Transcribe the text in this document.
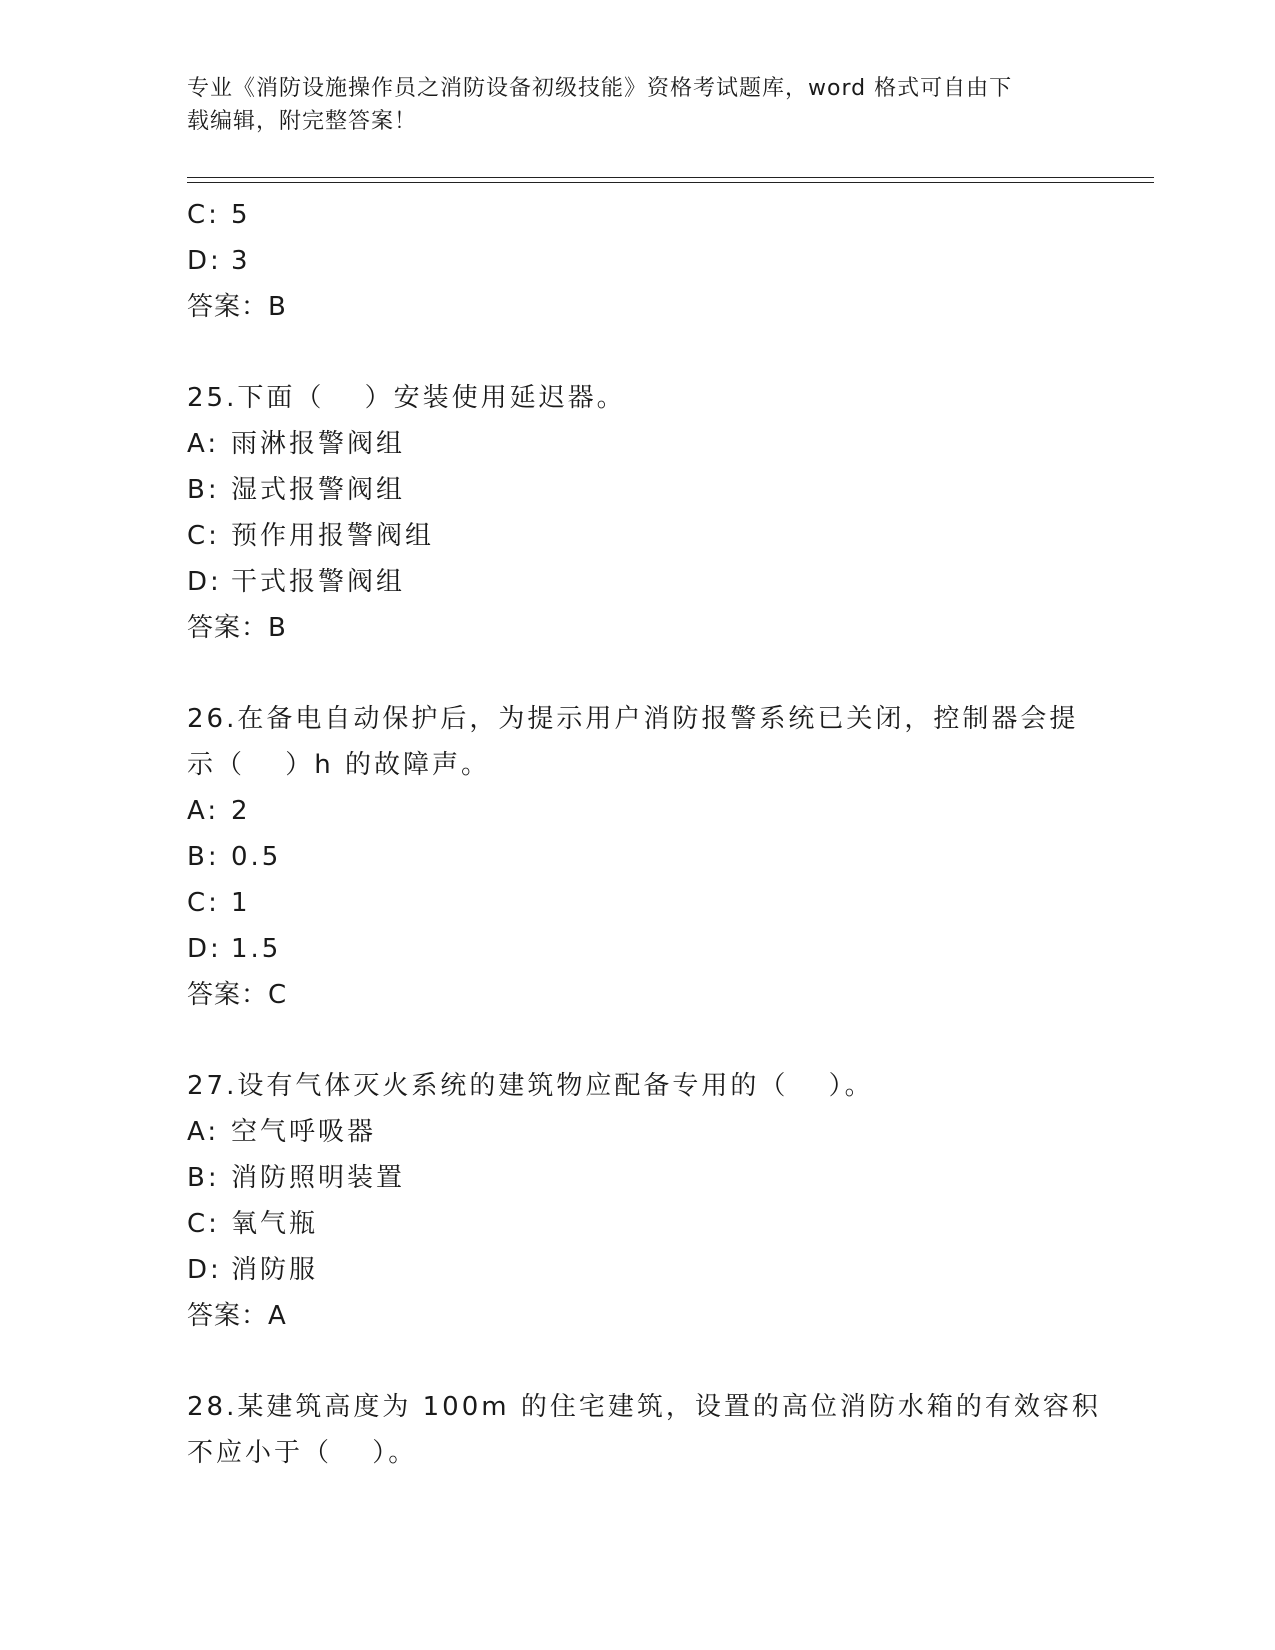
专业《消防设施操作员之消防设备初级技能》资格考试题库，word 格式可自由下
载编辑，附完整答案！
C: 5
D: 3
答案：B
25.下面（　 ）安装使用延迟器。
A: 雨淋报警阀组
B: 湿式报警阀组
C: 预作用报警阀组
D: 干式报警阀组
答案：B
26.在备电自动保护后，为提示用户消防报警系统已关闭，控制器会提
示（　 ）h 的故障声。
A: 2
B: 0.5
C: 1
D: 1.5
答案：C
27.设有气体灭火系统的建筑物应配备专用的（　 ）。
A: 空气呼吸器
B: 消防照明装置
C: 氧气瓶
D: 消防服
答案：A
28.某建筑高度为 100m 的住宅建筑，设置的高位消防水箱的有效容积
不应小于（　 ）。
